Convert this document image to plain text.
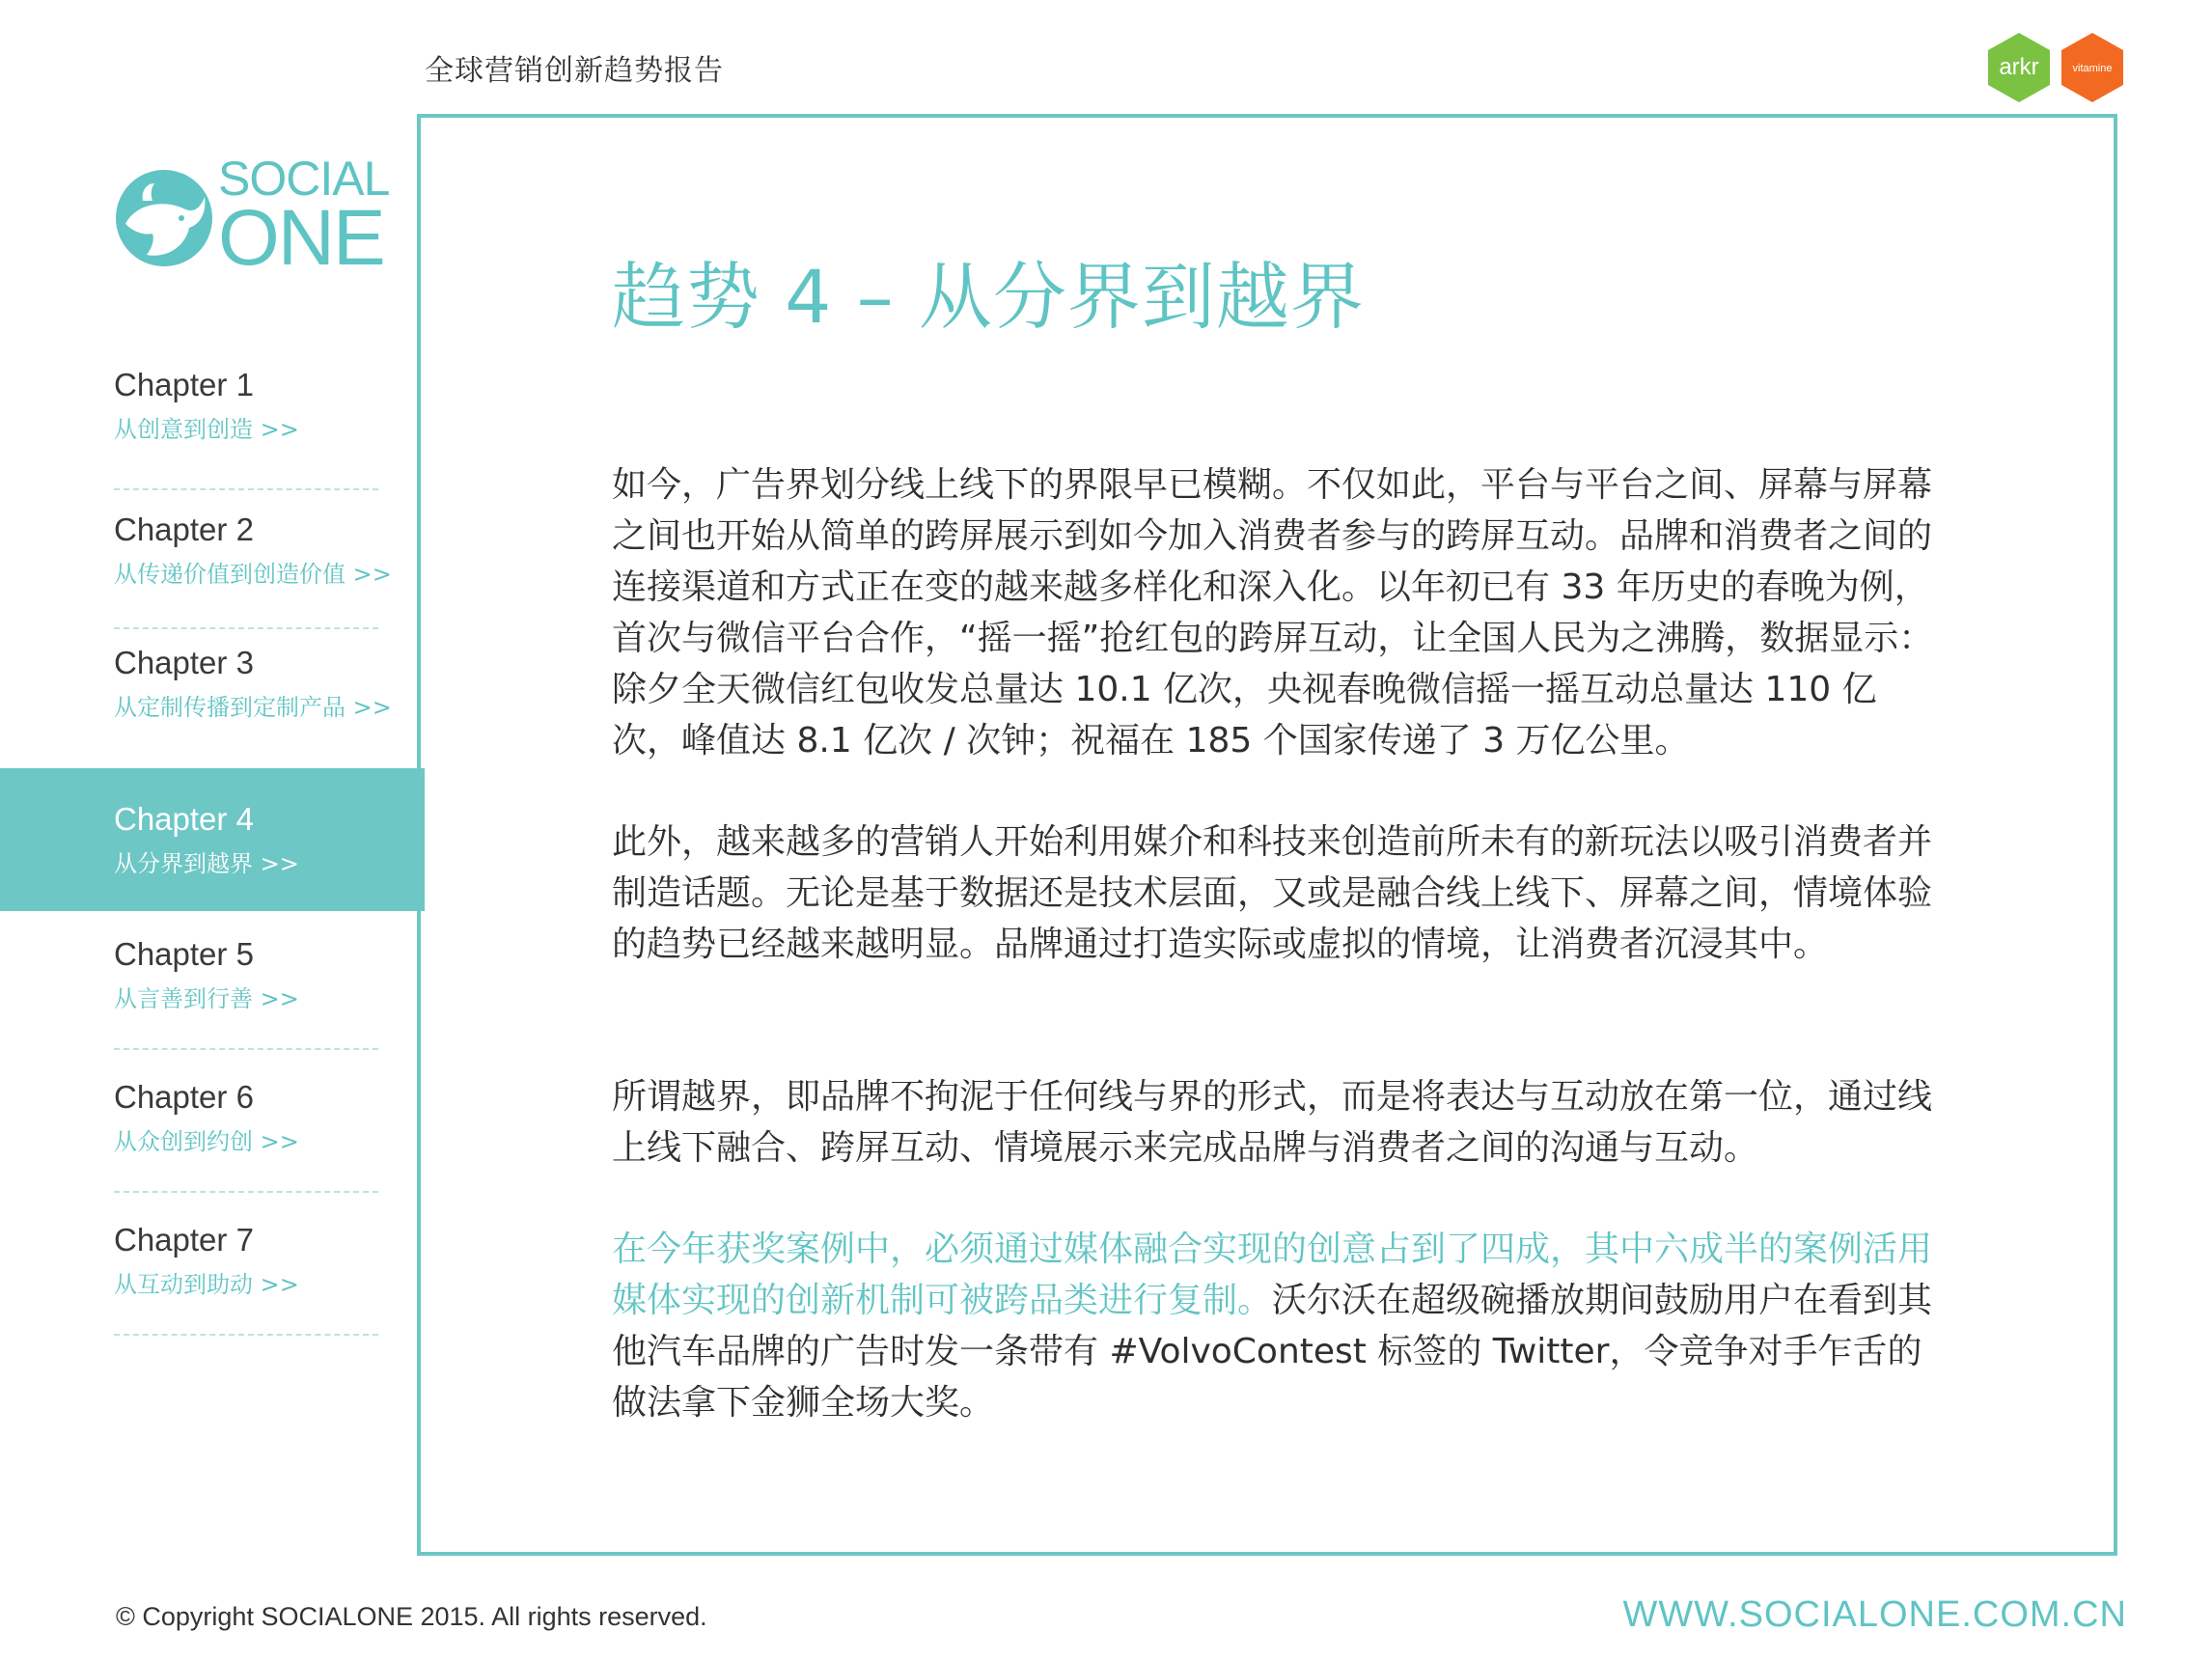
全球营销创新趋势报告	arkr	vitamine
SOCIAL
ONE
Chapter 1
从创意到创造 >>
Chapter 2
从传递价值到创造价值 >>
Chapter 3
从定制传播到定制产品 >>
Chapter 4
从分界到越界 >>
Chapter 5
从言善到行善 >>
Chapter 6
从众创到约创 >>
Chapter 7
从互动到助动 >>
趋势 4 – 从分界到越界

如今，广告界划分线上线下的界限早已模糊。不仅如此，平台与平台之间、屏幕与屏幕之间也开始从简单的跨屏展示到如今加入消费者参与的跨屏互动。品牌和消费者之间的连接渠道和方式正在变的越来越多样化和深入化。以年初已有 33 年历史的春晚为例，首次与微信平台合作，“摇一摇”抢红包的跨屏互动，让全国人民为之沸腾，数据显示：除夕全天微信红包收发总量达 10.1 亿次，央视春晚微信摇一摇互动总量达 110 亿次，峰值达 8.1 亿次 / 次钟；祝福在 185 个国家传递了 3 万亿公里。

此外，越来越多的营销人开始利用媒介和科技来创造前所未有的新玩法以吸引消费者并制造话题。无论是基于数据还是技术层面，又或是融合线上线下、屏幕之间，情境体验的趋势已经越来越明显。品牌通过打造实际或虚拟的情境，让消费者沉浸其中。

所谓越界，即品牌不拘泥于任何线与界的形式，而是将表达与互动放在第一位，通过线上线下融合、跨屏互动、情境展示来完成品牌与消费者之间的沟通与互动。

在今年获奖案例中，必须通过媒体融合实现的创意占到了四成，其中六成半的案例活用媒体实现的创新机制可被跨品类进行复制。沃尔沃在超级碗播放期间鼓励用户在看到其他汽车品牌的广告时发一条带有 #VolvoContest 标签的 Twitter，令竞争对手乍舌的做法拿下金狮全场大奖。

© Copyright SOCIALONE 2015. All rights reserved.	WWW.SOCIALONE.COM.CN
